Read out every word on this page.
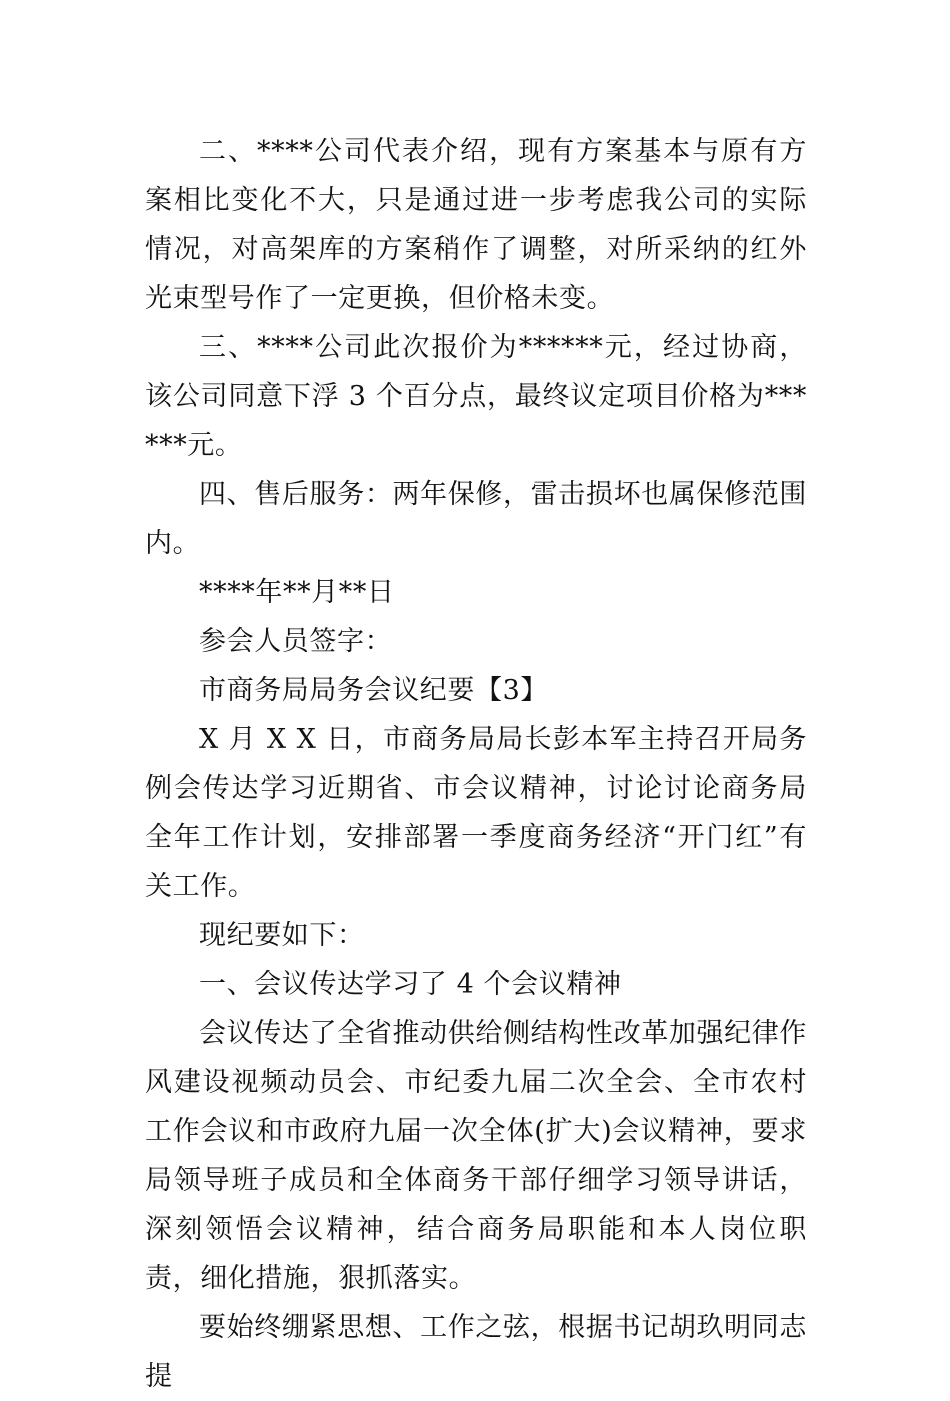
二、****公司代表介绍，现有方案基本与原有方案相比变化不大，只是通过进一步考虑我公司的实际情况，对高架库的方案稍作了调整，对所采纳的红外光束型号作了一定更换，但价格未变。

三、****公司此次报价为******元，经过协商，该公司同意下浮 3 个百分点，最终议定项目价格为******元。

四、售后服务：两年保修，雷击损坏也属保修范围内。

****年**月**日

参会人员签字：

市商务局局务会议纪要【3】

X 月 X X 日，市商务局局长彭本军主持召开局务例会传达学习近期省、市会议精神，讨论讨论商务局全年工作计划，安排部署一季度商务经济“开门红”有关工作。

现纪要如下：

一、会议传达学习了 4 个会议精神

会议传达了全省推动供给侧结构性改革加强纪律作风建设视频动员会、市纪委九届二次全会、全市农村工作会议和市政府九届一次全体(扩大)会议精神，要求局领导班子成员和全体商务干部仔细学习领导讲话，深刻领悟会议精神，结合商务局职能和本人岗位职责，细化措施，狠抓落实。

要始终绷紧思想、工作之弦，根据书记胡玖明同志提
